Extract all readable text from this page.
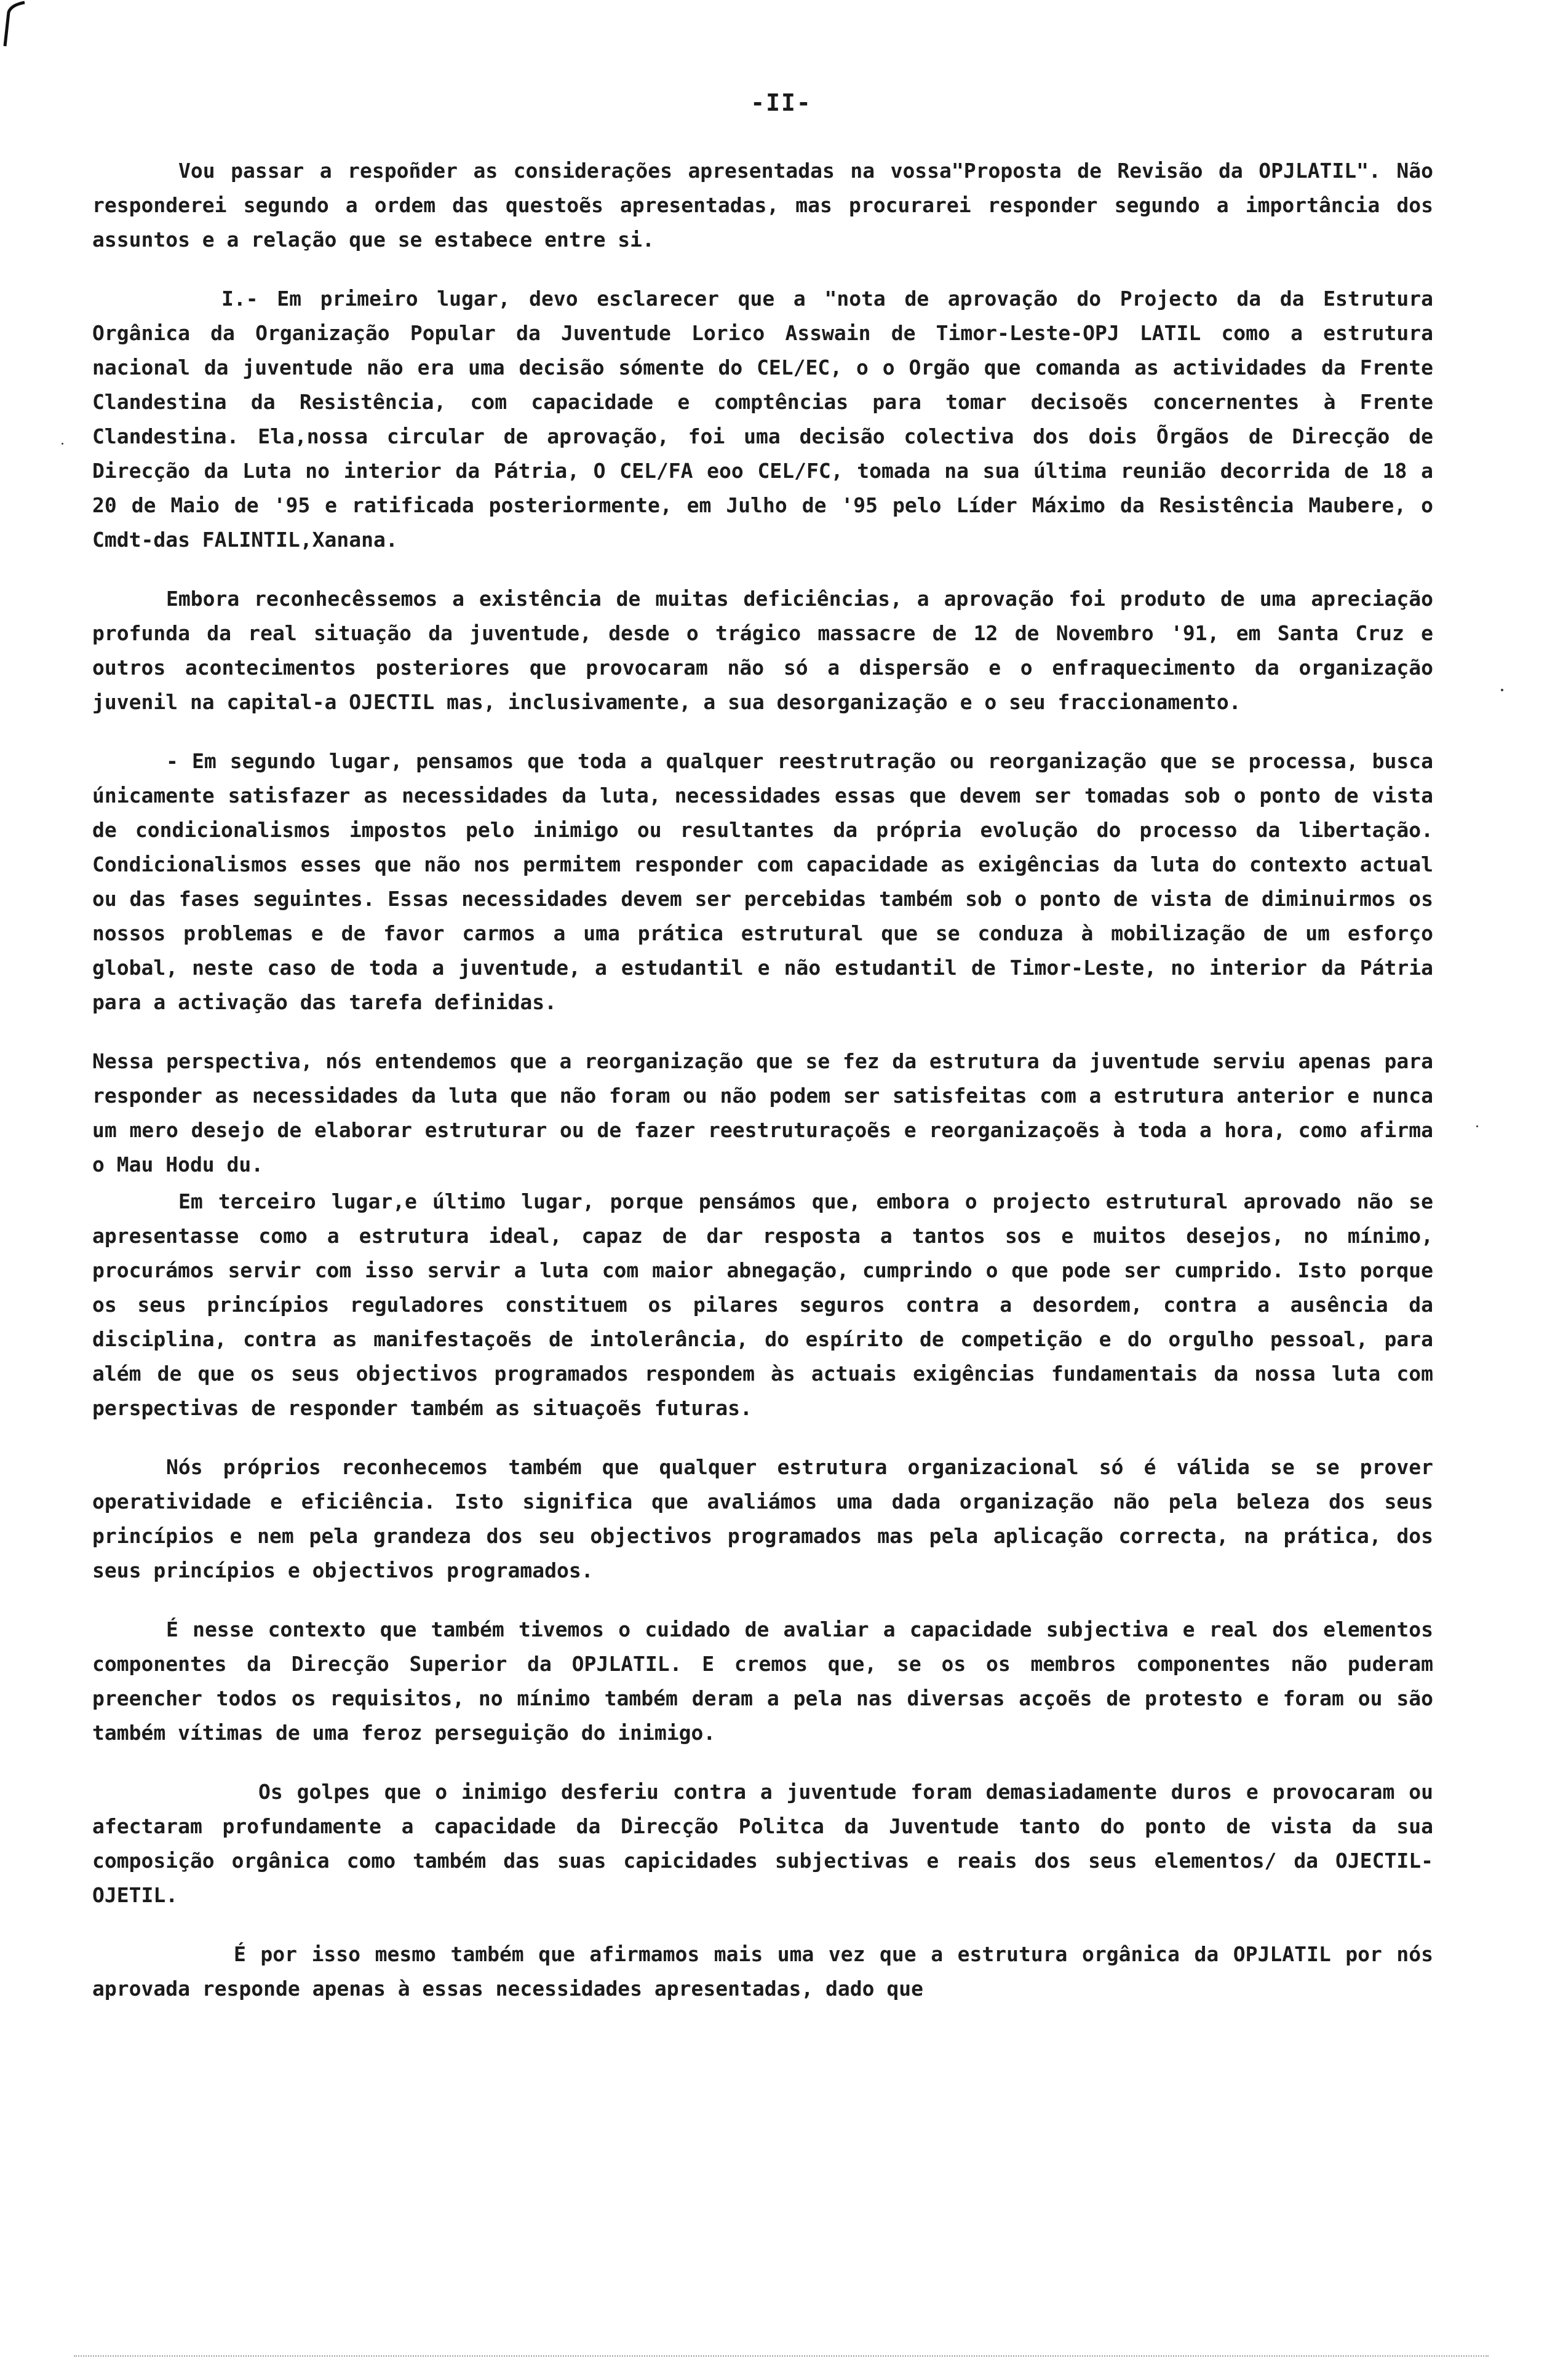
-II-

Vou passar a respoñder as considerações apresentadas na vossa"Proposta de Revisão da OPJLATIL". Não responderei segundo a ordem das questoẽs apresentadas, mas procurarei responder segundo a importância dos assuntos e a relação que se estabece entre si.

I.- Em primeiro lugar, devo esclarecer que a "nota de aprovação do Projecto da da Estrutura Orgânica da Organização Popular da Juventude Lorico Asswain de Timor-Leste-OPJ LATIL como a estrutura nacional da juventude não era uma decisão sómente do CEL/EC, o o Orgão que comanda as actividades da Frente Clandestina da Resistência, com capacidade e comptências para tomar decisoẽs concernentes à Frente Clandestina. Ela,nossa circular de aprovação, foi uma decisão colectiva dos dois Õrgãos de Direcção de Direcção da Luta no interior da Pátria, O CEL/FA eoo CEL/FC, tomada na sua última reunião decorrida de 18 a 20 de Maio de '95 e ratificada posteriormente, em Julho de '95 pelo Líder Máximo da Resistência Maubere, o Cmdt-das FALINTIL,Xanana.

Embora reconhecêssemos a existência de muitas deficiências, a aprovação foi produto de uma apreciação profunda da real situação da juventude, desde o trágico massacre de 12 de Novembro '91, em Santa Cruz e outros acontecimentos posteriores que provocaram não só a dispersão e o enfraquecimento da organização juvenil na capital-a OJECTIL mas, inclusivamente, a sua desorganização e o seu fraccionamento.

- Em segundo lugar, pensamos que toda a qualquer reestrutração ou reorganização que se processa, busca únicamente satisfazer as necessidades da luta, necessidades essas que devem ser tomadas sob o ponto de vista de condicionalismos impostos pelo inimigo ou resultantes da própria evolução do processo da libertação. Condicionalismos esses que não nos permitem responder com capacidade as exigências da luta do contexto actual ou das fases seguintes. Essas necessidades devem ser percebidas também sob o ponto de vista de diminuirmos os nossos problemas e de favor carmos a uma prática estrutural que se conduza à mobilização de um esforço global, neste caso de toda a juventude, a estudantil e não estudantil de Timor-Leste, no interior da Pátria para a activação das tarefa definidas.

Nessa perspectiva, nós entendemos que a reorganização que se fez da estrutura da juventude serviu apenas para responder as necessidades da luta que não foram ou não podem ser satisfeitas com a estrutura anterior e nunca um mero desejo de elaborar estruturar ou de fazer reestruturaçoẽs e reorganizaçoẽs à toda a hora, como afirma o Mau Hodu du.

Em terceiro lugar,e último lugar, porque pensámos que, embora o projecto estrutural aprovado não se apresentasse como a estrutura ideal, capaz de dar resposta a tantos sos e muitos desejos, no mínimo, procurámos servir com isso servir a luta com maior abnegação, cumprindo o que pode ser cumprido. Isto porque os seus princípios reguladores constituem os pilares seguros contra a desordem, contra a ausência da disciplina, contra as manifestaçoẽs de intolerância, do espírito de competição e do orgulho pessoal, para além de que os seus objectivos programados respondem às actuais exigências fundamentais da nossa luta com perspectivas de responder também as situaçoẽs futuras.

Nós próprios reconhecemos também que qualquer estrutura organizacional só é válida se se prover operatividade e eficiência. Isto significa que avaliámos uma dada organização não pela beleza dos seus princípios e nem pela grandeza dos seu objectivos programados mas pela aplicação correcta, na prática, dos seus princípios e objectivos programados.

É nesse contexto que também tivemos o cuidado de avaliar a capacidade subjectiva e real dos elementos componentes da Direcção Superior da OPJLATIL. E cremos que, se os os membros componentes não puderam preencher todos os requisitos, no mínimo também deram a pela nas diversas acçoẽs de protesto e foram ou são também vítimas de uma feroz perseguição do inimigo.

Os golpes que o inimigo desferiu contra a juventude foram demasiadamente duros e provocaram ou afectaram profundamente a capacidade da Direcção Politca da Juventude tanto do ponto de vista da sua composição orgânica como também das suas capicidades subjectivas e reais dos seus elementos/ da OJECTIL-OJETIL.

É por isso mesmo também que afirmamos mais uma vez que a estrutura orgânica da OPJLATIL por nós aprovada responde apenas à essas necessidades apresentadas, dado que
